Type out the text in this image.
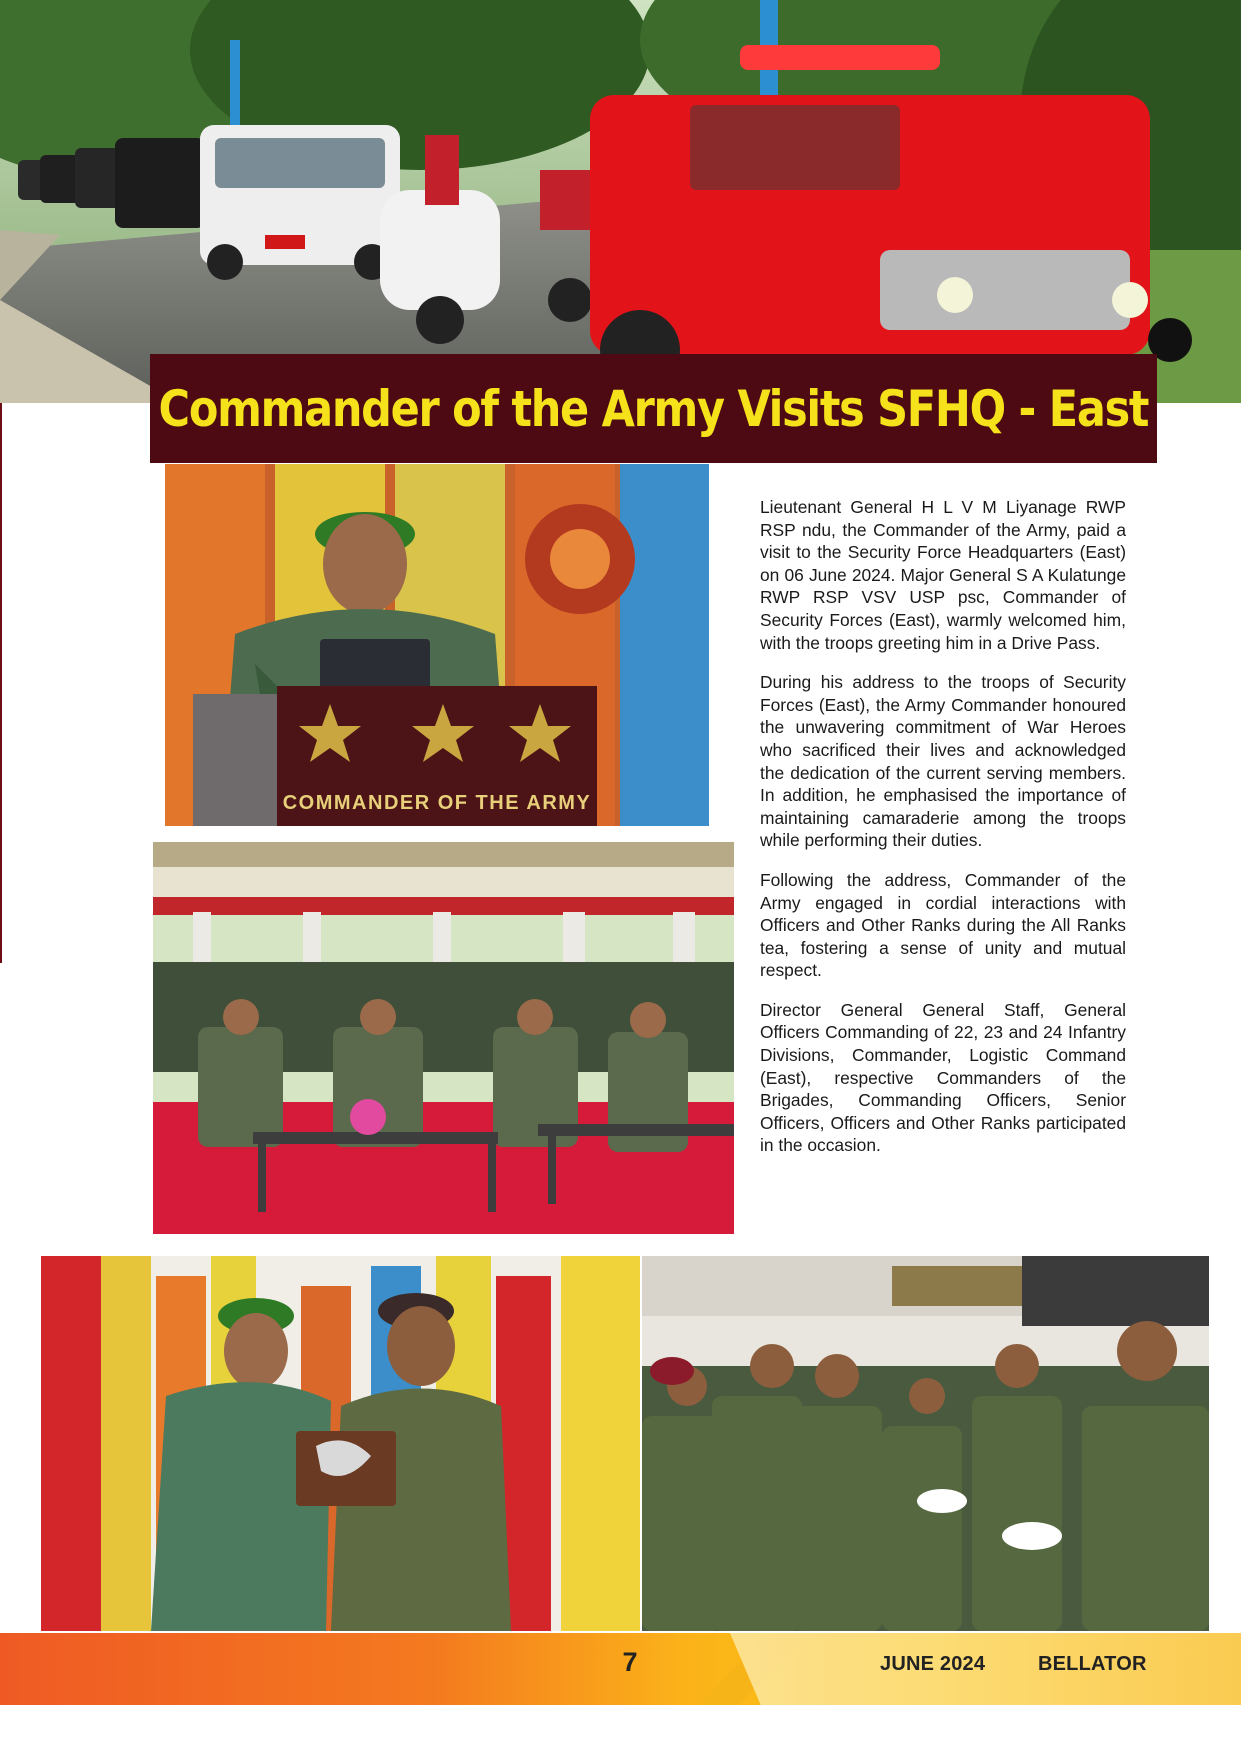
Commander of the Army Visits SFHQ - East
COMMANDER OF THE ARMY

Lieutenant General H L V M Liyanage RWP RSP ndu, the Commander of the Army, paid a visit to the Security Force Headquarters (East) on 06 June 2024. Major General S A Kulatunge RWP RSP VSV USP psc, Commander of Security Forces (East), warmly welcomed him, with the troops greeting him in a Drive Pass.

During his address to the troops of Security Forces (East), the Army Commander honoured the unwavering commitment of War Heroes who sacrificed their lives and acknowledged the dedication of the current serving members. In addition, he emphasised the importance of maintaining camaraderie among the troops while performing their duties.

Following the address, Commander of the Army engaged in cordial interactions with Officers and Other Ranks during the All Ranks tea, fostering a sense of unity and mutual respect.

Director General General Staff, General Officers Commanding of 22, 23 and 24 Infantry Divisions, Commander, Logistic Command (East), respective Commanders of the Brigades, Commanding Officers, Senior Officers, Officers and Other Ranks participated in the occasion.

7	JUNE 2024	BELLATOR
